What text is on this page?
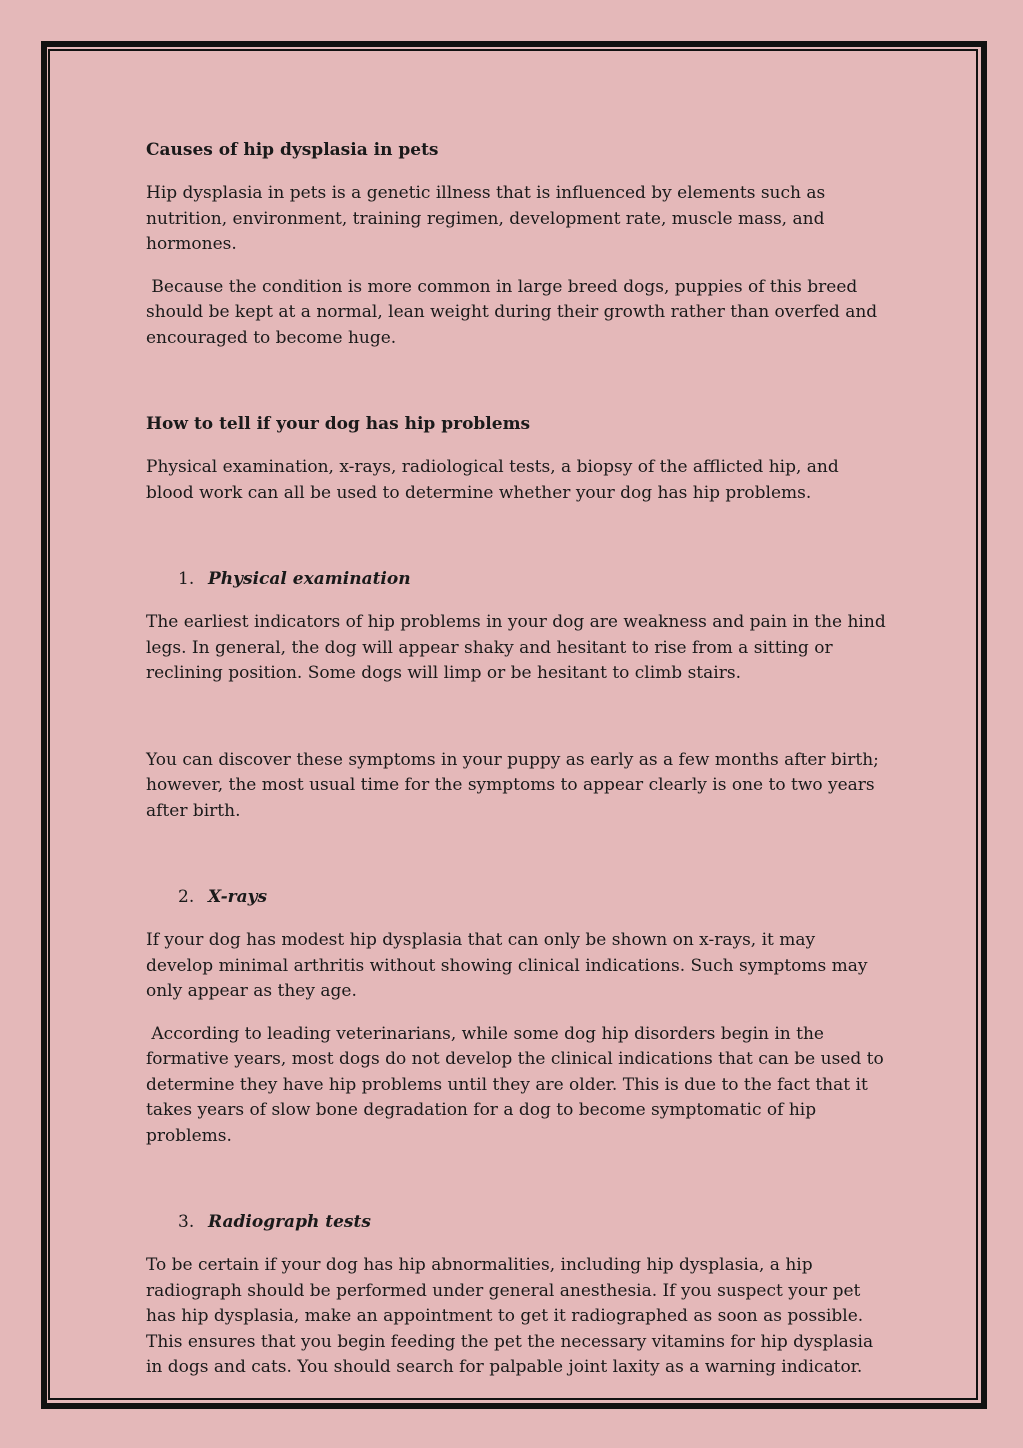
Causes of hip dysplasia in pets

Hip dysplasia in pets is a genetic illness that is influenced by elements such as nutrition, environment, training regimen, development rate, muscle mass, and hormones.

Because the condition is more common in large breed dogs, puppies of this breed should be kept at a normal, lean weight during their growth rather than overfed and encouraged to become huge.

How to tell if your dog has hip problems

Physical examination, x-rays, radiological tests, a biopsy of the afflicted hip, and blood work can all be used to determine whether your dog has hip problems.

1. Physical examination

The earliest indicators of hip problems in your dog are weakness and pain in the hind legs. In general, the dog will appear shaky and hesitant to rise from a sitting or reclining position. Some dogs will limp or be hesitant to climb stairs.

You can discover these symptoms in your puppy as early as a few months after birth; however, the most usual time for the symptoms to appear clearly is one to two years after birth.

2. X-rays

If your dog has modest hip dysplasia that can only be shown on x-rays, it may develop minimal arthritis without showing clinical indications. Such symptoms may only appear as they age.

According to leading veterinarians, while some dog hip disorders begin in the formative years, most dogs do not develop the clinical indications that can be used to determine they have hip problems until they are older. This is due to the fact that it takes years of slow bone degradation for a dog to become symptomatic of hip problems.

3. Radiograph tests

To be certain if your dog has hip abnormalities, including hip dysplasia, a hip radiograph should be performed under general anesthesia. If you suspect your pet has hip dysplasia, make an appointment to get it radiographed as soon as possible. This ensures that you begin feeding the pet the necessary vitamins for hip dysplasia in dogs and cats. You should search for palpable joint laxity as a warning indicator.
